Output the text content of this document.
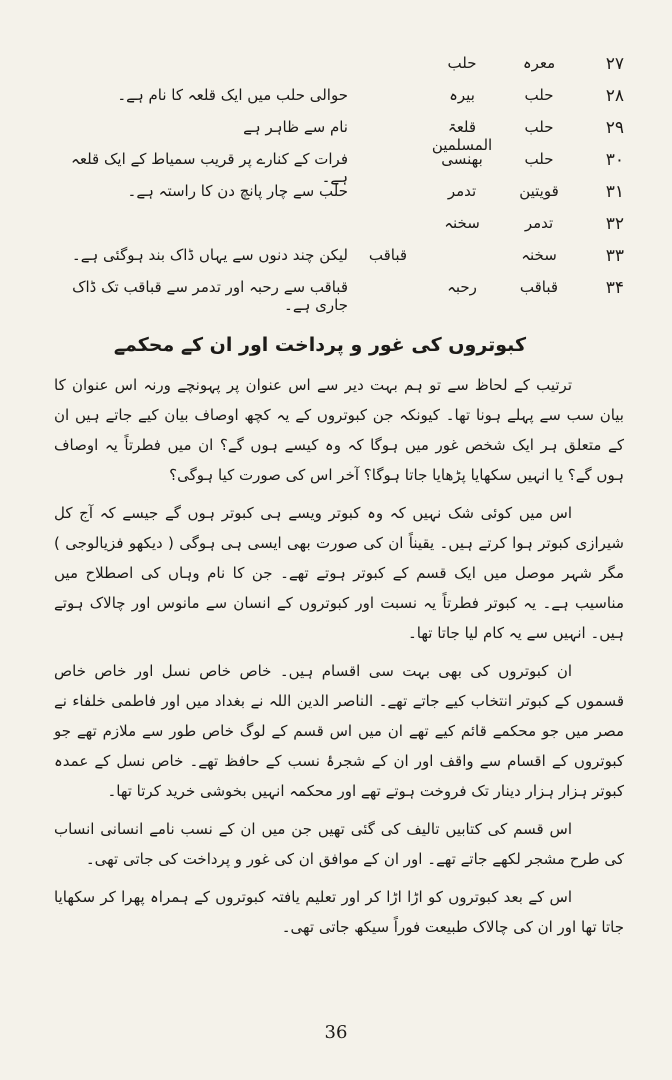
۲۷
معرہ
حلب
۲۸
حلب
بیرہ
حوالی حلب میں ایک قلعہ کا نام ہے۔
۲۹
حلب
قلعۃ المسلمین
نام سے ظاہر ہے
۳۰
حلب
بھنسی
فرات کے کنارے پر قریب سمیاط کے ایک قلعہ ہے۔
۳۱
قویتین
تدمر
حلب سے چار پانچ دن کا راستہ ہے۔
۳۲
تدمر
سخنہ
۳۳
سخنہ
قباقب
لیکن چند دنوں سے یہاں ڈاک بند ہوگئی ہے۔
۳۴
قباقب
رحبہ
قباقب سے رحبہ اور تدمر سے قباقب تک ڈاک جاری ہے۔
کبوتروں کی غور و پرداخت اور ان کے محکمے

ترتیب کے لحاظ سے تو ہم بہت دیر سے اس عنوان پر پہونچے ورنہ اس عنوان کا بیان سب سے پہلے ہونا تھا۔ کیونکہ جن کبوتروں کے یہ کچھ اوصاف بیان کیے جاتے ہیں ان کے متعلق ہر ایک شخص غور میں ہوگا کہ وہ کیسے ہوں گے؟ ان میں فطرتاً یہ اوصاف ہوں گے؟ یا انہیں سکھایا پڑھایا جاتا ہوگا؟ آخر اس کی صورت کیا ہوگی؟

اس میں کوئی شک نہیں کہ وہ کبوتر ویسے ہی کبوتر ہوں گے جیسے کہ آج کل شیرازی کبوتر ہوا کرتے ہیں۔ یقیناً ان کی صورت بھی ایسی ہی ہوگی ( دیکھو فزیالوجی ) مگر شہر موصل میں ایک قسم کے کبوتر ہوتے تھے۔ جن کا نام وہاں کی اصطلاح میں مناسیب ہے۔ یہ کبوتر فطرتاً یہ نسبت اور کبوتروں کے انسان سے مانوس اور چالاک ہوتے ہیں۔ انہیں سے یہ کام لیا جاتا تھا۔

ان کبوتروں کی بھی بہت سی اقسام ہیں۔ خاص خاص نسل اور خاص خاص قسموں کے کبوتر انتخاب کیے جاتے تھے۔ الناصر الدین اللہ نے بغداد میں اور فاطمی خلفاء نے مصر میں جو محکمے قائم کیے تھے ان میں اس قسم کے لوگ خاص طور سے ملازم تھے جو کبوتروں کے اقسام سے واقف اور ان کے شجرۂ نسب کے حافظ تھے۔ خاص نسل کے عمدہ کبوتر ہزار ہزار دینار تک فروخت ہوتے تھے اور محکمہ انہیں بخوشی خرید کرتا تھا۔

اس قسم کی کتابیں تالیف کی گئی تھیں جن میں ان کے نسب نامے انسانی انساب کی طرح مشجر لکھے جاتے تھے۔ اور ان کے موافق ان کی غور و پرداخت کی جاتی تھی۔

اس کے بعد کبوتروں کو اڑا اڑا کر اور تعلیم یافتہ کبوتروں کے ہمراہ پھرا کر سکھایا جاتا تھا اور ان کی چالاک طبیعت فوراً سیکھ جاتی تھی۔

36
